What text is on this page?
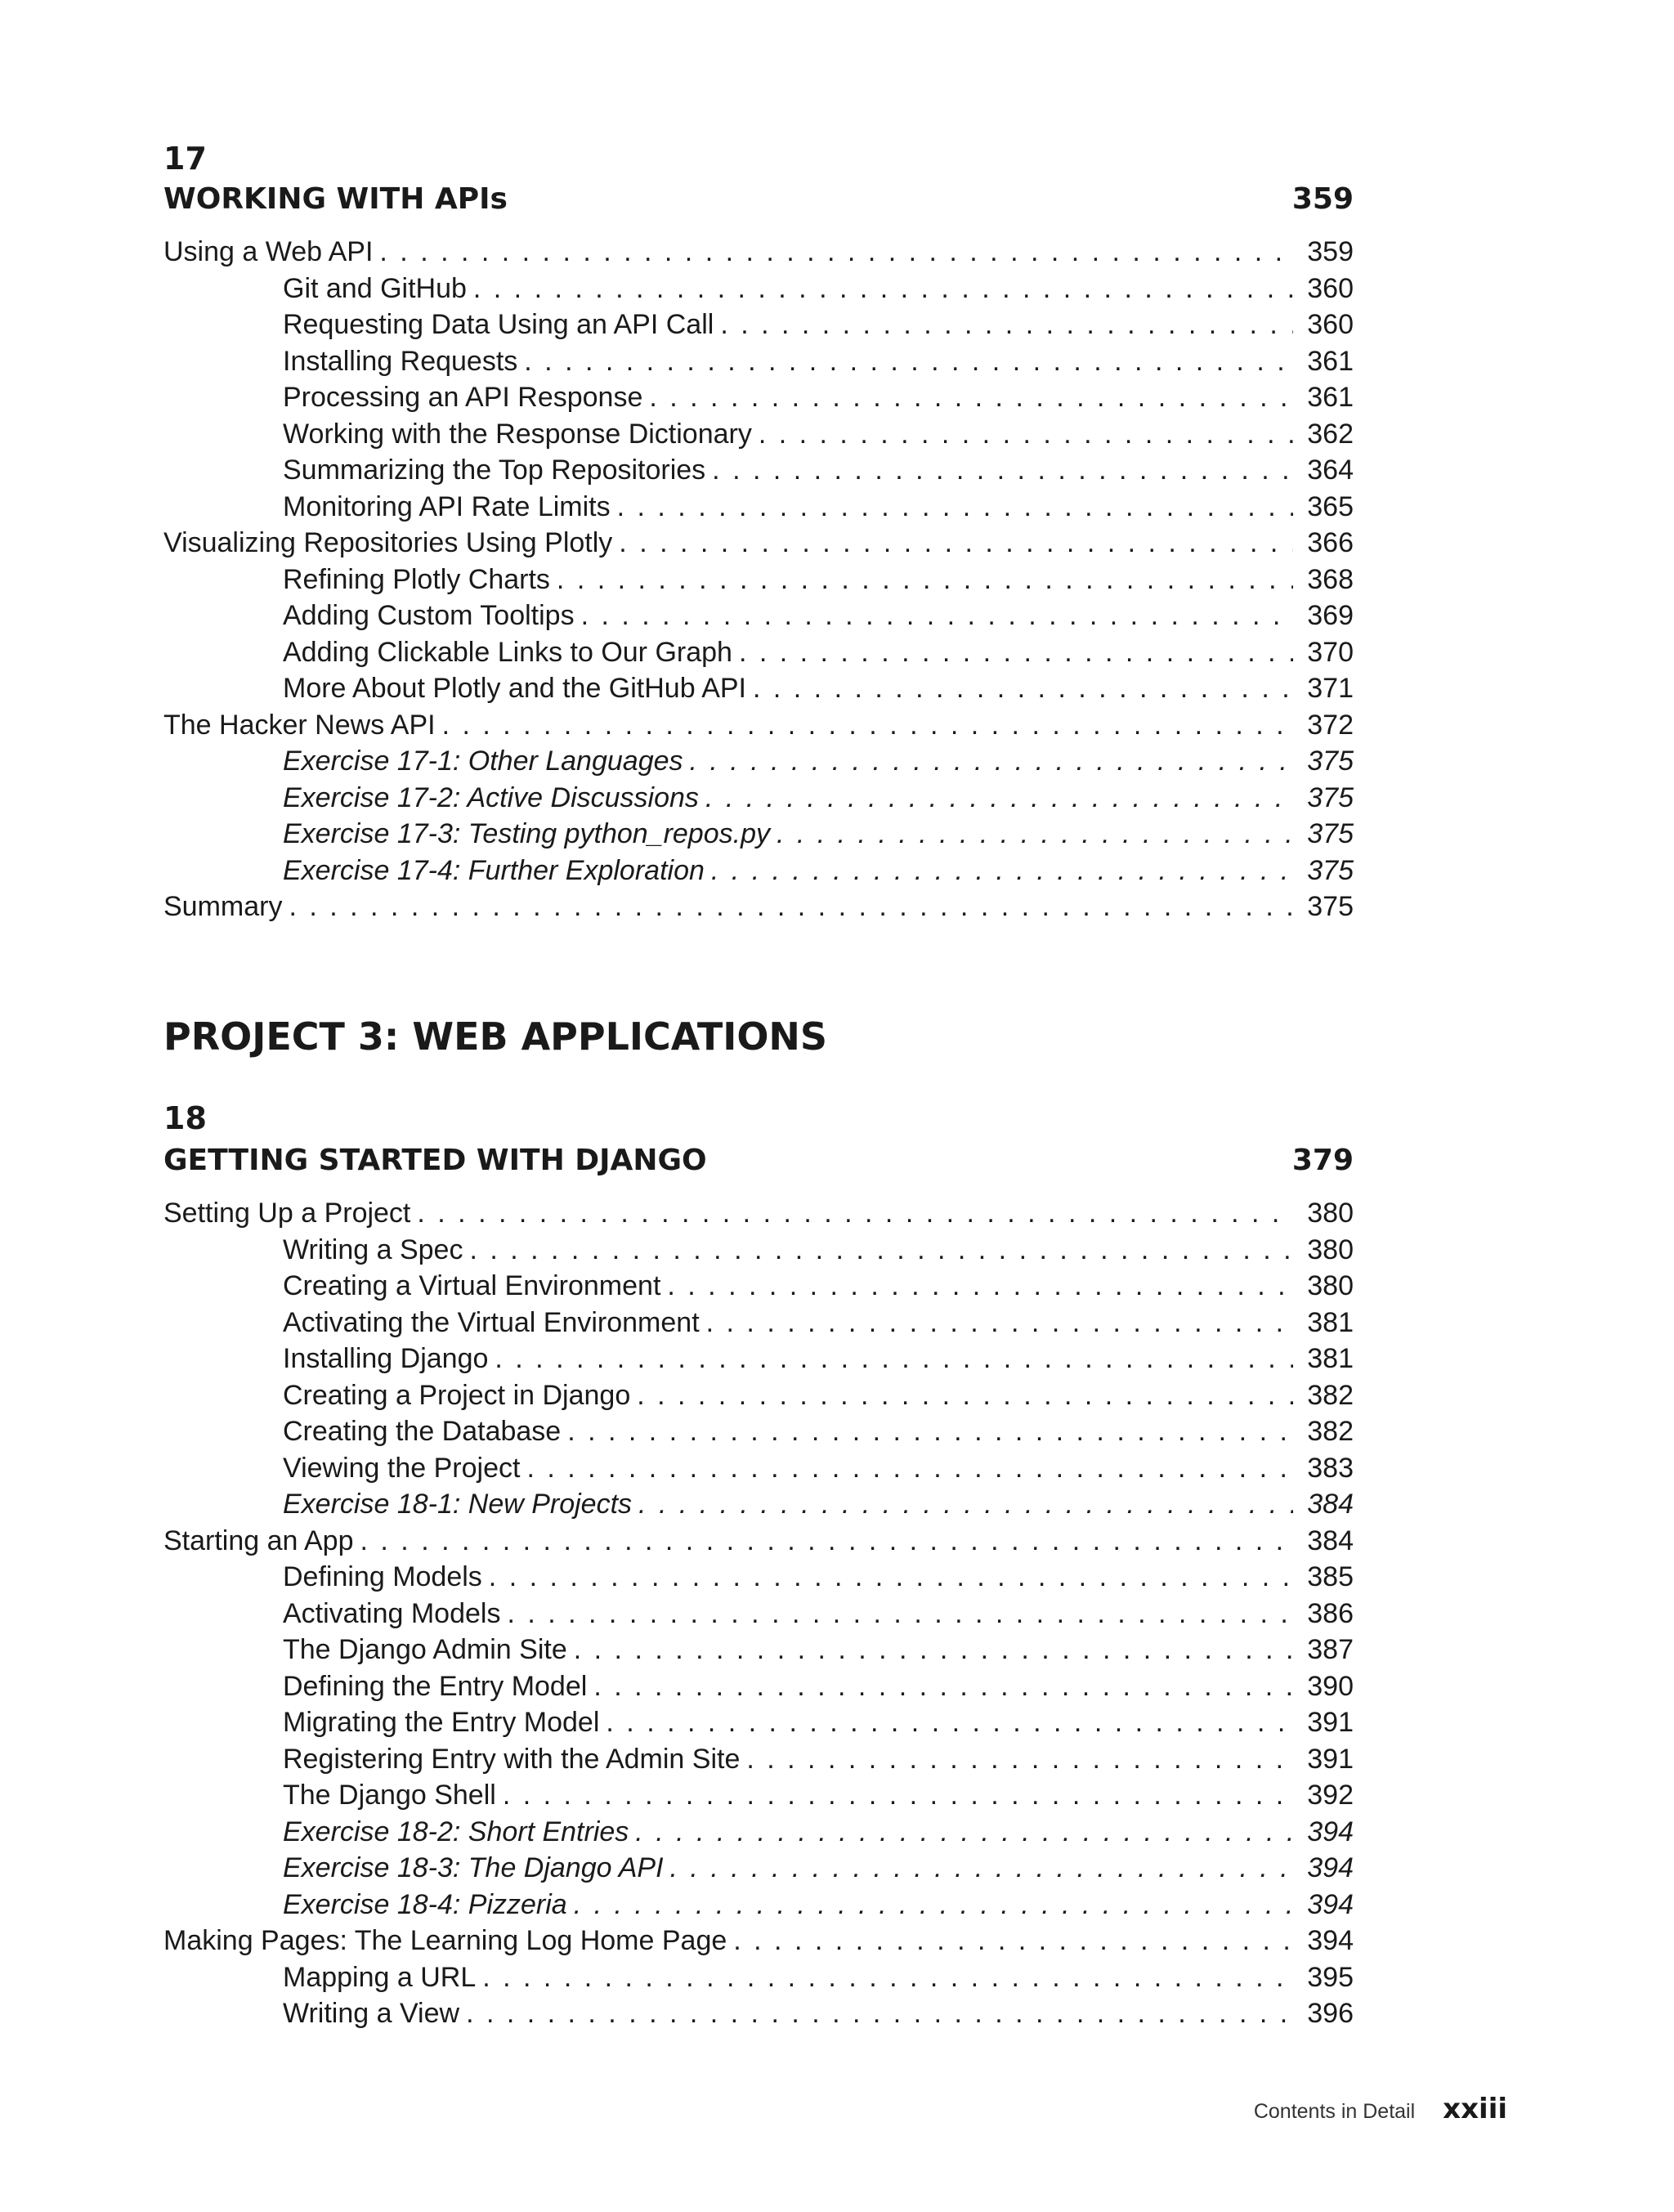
17
WORKING WITH APIs	359
Using a Web API . . .	359
Git and GitHub . . .	360
Requesting Data Using an API Call . . .	360
Installing Requests . . .	361
Processing an API Response . . .	361
Working with the Response Dictionary . . .	362
Summarizing the Top Repositories . . .	364
Monitoring API Rate Limits . . .	365
Visualizing Repositories Using Plotly . . .	366
Refining Plotly Charts . . .	368
Adding Custom Tooltips . . .	369
Adding Clickable Links to Our Graph . . .	370
More About Plotly and the GitHub API . . .	371
The Hacker News API . . .	372
Exercise 17-1: Other Languages . . .	375
Exercise 17-2: Active Discussions . . .	375
Exercise 17-3: Testing python_repos.py . . .	375
Exercise 17-4: Further Exploration . . .	375
Summary . . .	375
PROJECT 3: WEB APPLICATIONS
18
GETTING STARTED WITH DJANGO	379
Setting Up a Project . . .	380
Writing a Spec . . .	380
Creating a Virtual Environment . . .	380
Activating the Virtual Environment . . .	381
Installing Django . . .	381
Creating a Project in Django . . .	382
Creating the Database . . .	382
Viewing the Project . . .	383
Exercise 18-1: New Projects . . .	384
Starting an App . . .	384
Defining Models . . .	385
Activating Models . . .	386
The Django Admin Site . . .	387
Defining the Entry Model . . .	390
Migrating the Entry Model . . .	391
Registering Entry with the Admin Site . . .	391
The Django Shell . . .	392
Exercise 18-2: Short Entries . . .	394
Exercise 18-3: The Django API . . .	394
Exercise 18-4: Pizzeria . . .	394
Making Pages: The Learning Log Home Page . . .	394
Mapping a URL . . .	395
Writing a View . . .	396
Contents in Detail xxiii
